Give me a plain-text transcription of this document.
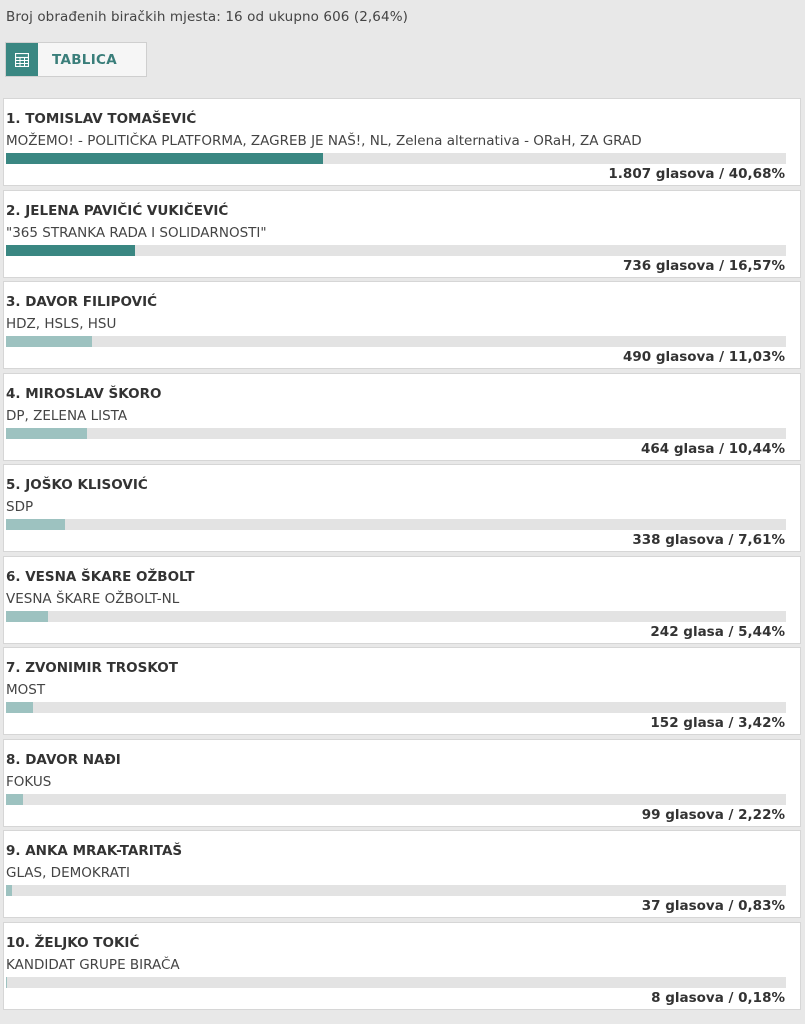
Broj obrađenih biračkih mjesta: 16 od ukupno 606 (2,64%)
TABLICA
1. TOMISLAV TOMAŠEVIĆ
MOŽEMO! - POLITIČKA PLATFORMA, ZAGREB JE NAŠ!, NL, Zelena alternativa - ORaH, ZA GRAD
1.807 glasova / 40,68%
2. JELENA PAVIČIĆ VUKIČEVIĆ
"365 STRANKA RADA I SOLIDARNOSTI"
736 glasova / 16,57%
3. DAVOR FILIPOVIĆ
HDZ, HSLS, HSU
490 glasova / 11,03%
4. MIROSLAV ŠKORO
DP, ZELENA LISTA
464 glasa / 10,44%
5. JOŠKO KLISOVIĆ
SDP
338 glasova / 7,61%
6. VESNA ŠKARE OŽBOLT
VESNA ŠKARE OŽBOLT-NL
242 glasa / 5,44%
7. ZVONIMIR TROSKOT
MOST
152 glasa / 3,42%
8. DAVOR NAĐI
FOKUS
99 glasova / 2,22%
9. ANKA MRAK-TARITAŠ
GLAS, DEMOKRATI
37 glasova / 0,83%
10. ŽELJKO TOKIĆ
KANDIDAT GRUPE BIRAČA
8 glasova / 0,18%
